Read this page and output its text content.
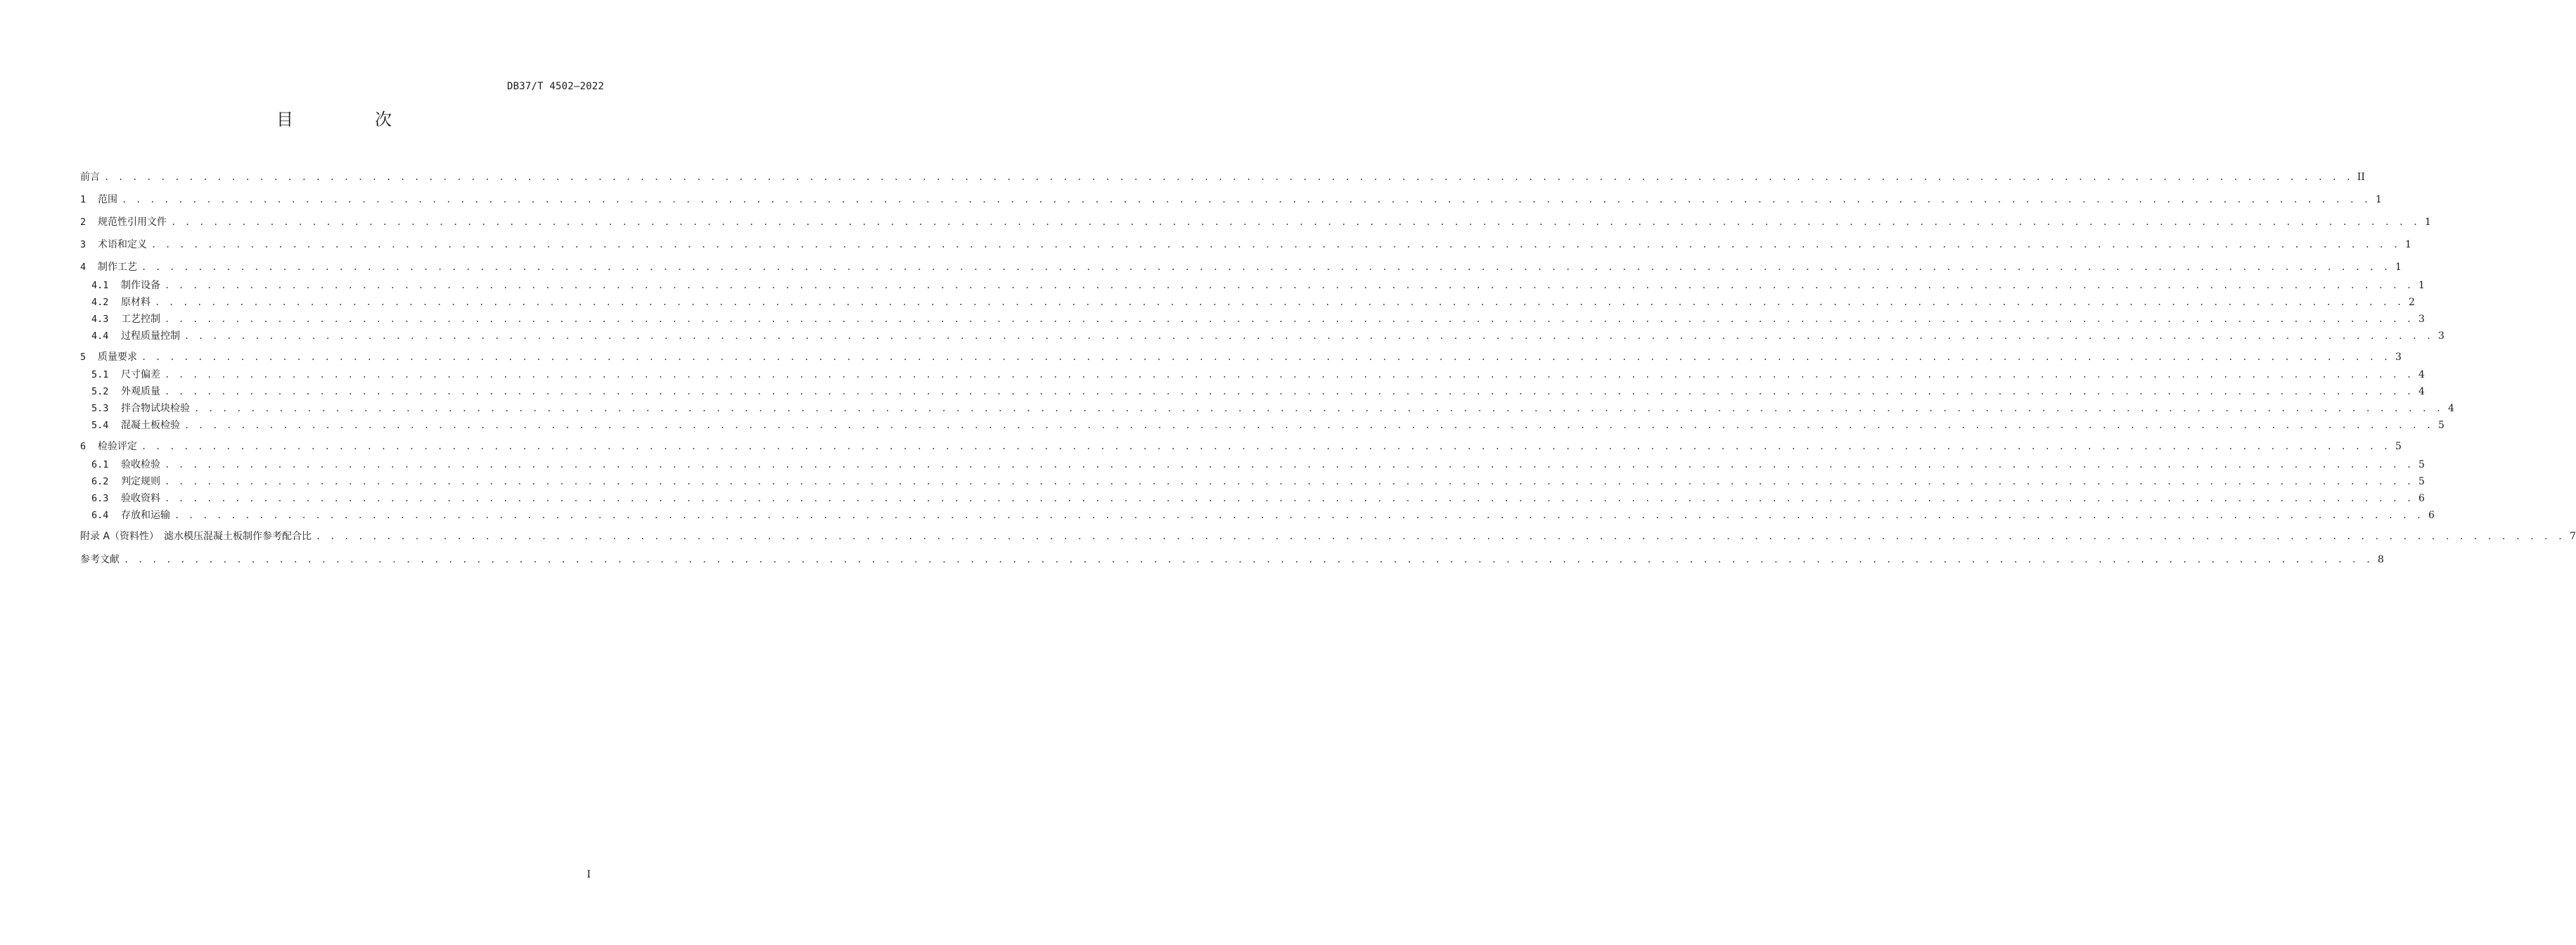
DB37/T 4502—2022
目　次
前言 . . . . . . . . . . . . . . . . . . . . . . . . . . . . . . . . . . . . . . . . . . . . . . . . . . . . . . . . . . . . . . . . . . . . . . . . . . . . . . . . . . . . . . . . . . . . . . . . . . . . . . . . . . . . . . . . . . . . . . . . . . . . . . . . . . . . . . . . . . . . . . . . . . . . . . . . . . . . . . . . II
1	范围 . . . . . . . . . . . . . . . . . . . . . . . . . . . . . . . . . . . . . . . . . . . . . . . . . . . . . . . . . . . . . . . . . . . . . . . . . . . . . . . . . . . . . . . . . . . . . . . . . . . . . . . . . . . . . . . . . . . . . . . . . . . . . . . . . . . . . . . . . . . . . . . . . . . . . . . . . . . . . . . . 1
2	规范性引用文件 . . . . . . . . . . . . . . . . . . . . . . . . . . . . . . . . . . . . . . . . . . . . . . . . . . . . . . . . . . . . . . . . . . . . . . . . . . . . . . . . . . . . . . . . . . . . . . . . . . . . . . . . . . . . . . . . . . . . . . . . . . . . . . . . . . . . . . . . . . . . . . . . . . . . . . . . . . . . . . . . 1
3	术语和定义 . . . . . . . . . . . . . . . . . . . . . . . . . . . . . . . . . . . . . . . . . . . . . . . . . . . . . . . . . . . . . . . . . . . . . . . . . . . . . . . . . . . . . . . . . . . . . . . . . . . . . . . . . . . . . . . . . . . . . . . . . . . . . . . . . . . . . . . . . . . . . . . . . . . . . . . . . . . . . . . . 1
4	制作工艺 . . . . . . . . . . . . . . . . . . . . . . . . . . . . . . . . . . . . . . . . . . . . . . . . . . . . . . . . . . . . . . . . . . . . . . . . . . . . . . . . . . . . . . . . . . . . . . . . . . . . . . . . . . . . . . . . . . . . . . . . . . . . . . . . . . . . . . . . . . . . . . . . . . . . . . . . . . . . . . . . 1
4.1	制作设备 . . . . . . . . . . . . . . . . . . . . . . . . . . . . . . . . . . . . . . . . . . . . . . . . . . . . . . . . . . . . . . . . . . . . . . . . . . . . . . . . . . . . . . . . . . . . . . . . . . . . . . . . . . . . . . . . . . . . . . . . . . . . . . . . . . . . . . . . . . . . . . . . . . . . . . . . . . . . . . . . 1
4.2	原材料 . . . . . . . . . . . . . . . . . . . . . . . . . . . . . . . . . . . . . . . . . . . . . . . . . . . . . . . . . . . . . . . . . . . . . . . . . . . . . . . . . . . . . . . . . . . . . . . . . . . . . . . . . . . . . . . . . . . . . . . . . . . . . . . . . . . . . . . . . . . . . . . . . . . . . . . . . . . . . . . . 2
4.3	工艺控制 . . . . . . . . . . . . . . . . . . . . . . . . . . . . . . . . . . . . . . . . . . . . . . . . . . . . . . . . . . . . . . . . . . . . . . . . . . . . . . . . . . . . . . . . . . . . . . . . . . . . . . . . . . . . . . . . . . . . . . . . . . . . . . . . . . . . . . . . . . . . . . . . . . . . . . . . . . . . . . . . 3
4.4	过程质量控制 . . . . . . . . . . . . . . . . . . . . . . . . . . . . . . . . . . . . . . . . . . . . . . . . . . . . . . . . . . . . . . . . . . . . . . . . . . . . . . . . . . . . . . . . . . . . . . . . . . . . . . . . . . . . . . . . . . . . . . . . . . . . . . . . . . . . . . . . . . . . . . . . . . . . . . . . . . . . . . . . 3
5	质量要求 . . . . . . . . . . . . . . . . . . . . . . . . . . . . . . . . . . . . . . . . . . . . . . . . . . . . . . . . . . . . . . . . . . . . . . . . . . . . . . . . . . . . . . . . . . . . . . . . . . . . . . . . . . . . . . . . . . . . . . . . . . . . . . . . . . . . . . . . . . . . . . . . . . . . . . . . . . . . . . . . 3
5.1	尺寸偏差 . . . . . . . . . . . . . . . . . . . . . . . . . . . . . . . . . . . . . . . . . . . . . . . . . . . . . . . . . . . . . . . . . . . . . . . . . . . . . . . . . . . . . . . . . . . . . . . . . . . . . . . . . . . . . . . . . . . . . . . . . . . . . . . . . . . . . . . . . . . . . . . . . . . . . . . . . . . . . . . . 4
5.2	外观质量 . . . . . . . . . . . . . . . . . . . . . . . . . . . . . . . . . . . . . . . . . . . . . . . . . . . . . . . . . . . . . . . . . . . . . . . . . . . . . . . . . . . . . . . . . . . . . . . . . . . . . . . . . . . . . . . . . . . . . . . . . . . . . . . . . . . . . . . . . . . . . . . . . . . . . . . . . . . . . . . . 4
5.3	拌合物试块检验 . . . . . . . . . . . . . . . . . . . . . . . . . . . . . . . . . . . . . . . . . . . . . . . . . . . . . . . . . . . . . . . . . . . . . . . . . . . . . . . . . . . . . . . . . . . . . . . . . . . . . . . . . . . . . . . . . . . . . . . . . . . . . . . . . . . . . . . . . . . . . . . . . . . . . . . . . . . . . . . . 4
5.4	混凝土板检验 . . . . . . . . . . . . . . . . . . . . . . . . . . . . . . . . . . . . . . . . . . . . . . . . . . . . . . . . . . . . . . . . . . . . . . . . . . . . . . . . . . . . . . . . . . . . . . . . . . . . . . . . . . . . . . . . . . . . . . . . . . . . . . . . . . . . . . . . . . . . . . . . . . . . . . . . . . . . . . . . 5
6	检验评定 . . . . . . . . . . . . . . . . . . . . . . . . . . . . . . . . . . . . . . . . . . . . . . . . . . . . . . . . . . . . . . . . . . . . . . . . . . . . . . . . . . . . . . . . . . . . . . . . . . . . . . . . . . . . . . . . . . . . . . . . . . . . . . . . . . . . . . . . . . . . . . . . . . . . . . . . . . . . . . . . 5
6.1	验收检验 . . . . . . . . . . . . . . . . . . . . . . . . . . . . . . . . . . . . . . . . . . . . . . . . . . . . . . . . . . . . . . . . . . . . . . . . . . . . . . . . . . . . . . . . . . . . . . . . . . . . . . . . . . . . . . . . . . . . . . . . . . . . . . . . . . . . . . . . . . . . . . . . . . . . . . . . . . . . . . . . 5
6.2	判定规则 . . . . . . . . . . . . . . . . . . . . . . . . . . . . . . . . . . . . . . . . . . . . . . . . . . . . . . . . . . . . . . . . . . . . . . . . . . . . . . . . . . . . . . . . . . . . . . . . . . . . . . . . . . . . . . . . . . . . . . . . . . . . . . . . . . . . . . . . . . . . . . . . . . . . . . . . . . . . . . . . 5
6.3	验收资料 . . . . . . . . . . . . . . . . . . . . . . . . . . . . . . . . . . . . . . . . . . . . . . . . . . . . . . . . . . . . . . . . . . . . . . . . . . . . . . . . . . . . . . . . . . . . . . . . . . . . . . . . . . . . . . . . . . . . . . . . . . . . . . . . . . . . . . . . . . . . . . . . . . . . . . . . . . . . . . . . 6
6.4	存放和运输 . . . . . . . . . . . . . . . . . . . . . . . . . . . . . . . . . . . . . . . . . . . . . . . . . . . . . . . . . . . . . . . . . . . . . . . . . . . . . . . . . . . . . . . . . . . . . . . . . . . . . . . . . . . . . . . . . . . . . . . . . . . . . . . . . . . . . . . . . . . . . . . . . . . . . . . . . . . . . . . . 6
附录 A（资料性）　滤水模压混凝土板制作参考配合比 . . . . . . . . . . . . . . . . . . . . . . . . . . . . . . . . . . . . . . . . . . . . . . . . . . . . . . . . . . . . . . . . . . . . . . . . . . . . . . . . . . . . . . . . . . . . . . . . . . . . . . . . . . . . . . . . . . . . . . . . . . . . . . . . . . . . . . . . . . . . . . . . . . . . . . . . . . . . . . . . 7
参考文献 . . . . . . . . . . . . . . . . . . . . . . . . . . . . . . . . . . . . . . . . . . . . . . . . . . . . . . . . . . . . . . . . . . . . . . . . . . . . . . . . . . . . . . . . . . . . . . . . . . . . . . . . . . . . . . . . . . . . . . . . . . . . . . . . . . . . . . . . . . . . . . . . . . . . . . . . . . . . . . . . 8
I
